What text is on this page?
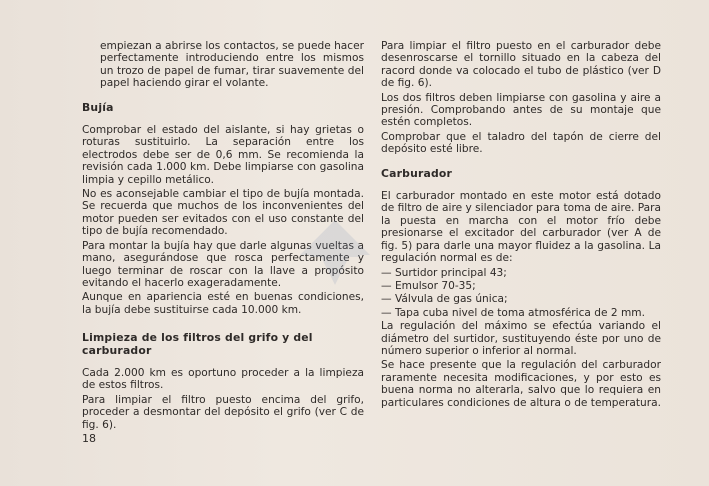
empiezan a abrirse los contactos, se puede hacer perfectamente introduciendo entre los mismos un trozo de papel de fumar, tirar suavemente del papel haciendo girar el volante.

Bujía

Comprobar el estado del aislante, si hay grietas o roturas sustituirlo. La separación entre los electrodos debe ser de 0,6 mm. Se recomienda la revisión cada 1.000 km. Debe limpiarse con gasolina limpia y cepillo metálico.

No es aconsejable cambiar el tipo de bujía montada. Se recuerda que muchos de los inconvenientes del motor pueden ser evitados con el uso constante del tipo de bujía recomendado.

Para montar la bujía hay que darle algunas vueltas a mano, asegurándose que rosca perfectamente y luego terminar de roscar con la llave a propósito evitando el hacerlo exageradamente.

Aunque en apariencia esté en buenas condiciones, la bujía debe sustituirse cada 10.000 km.

Limpieza de los filtros del grifo y del carburador

Cada 2.000 km es oportuno proceder a la limpieza de estos filtros.

Para limpiar el filtro puesto encima del grifo, proceder a desmontar del depósito el grifo (ver C de fig. 6).

Para limpiar el filtro puesto en el carburador debe desenroscarse el tornillo situado en la cabeza del racord donde va colocado el tubo de plástico (ver D de fig. 6).

Los dos filtros deben limpiarse con gasolina y aire a presión. Comprobando antes de su montaje que estén completos.

Comprobar que el taladro del tapón de cierre del depósito esté libre.

Carburador

El carburador montado en este motor está dotado de filtro de aire y silenciador para toma de aire. Para la puesta en marcha con el motor frío debe presionarse el excitador del carburador (ver A de fig. 5) para darle una mayor fluidez a la gasolina. La regulación normal es de:

— Surtidor principal 43;
— Emulsor 70-35;
— Válvula de gas única;
— Tapa cuba nivel de toma atmosférica de 2 mm.

La regulación del máximo se efectúa variando el diámetro del surtidor, sustituyendo éste por uno de número superior o inferior al normal.

Se hace presente que la regulación del carburador raramente necesita modificaciones, y por esto es buena norma no alterarla, salvo que lo requiera en particulares condiciones de altura o de temperatura.

18
